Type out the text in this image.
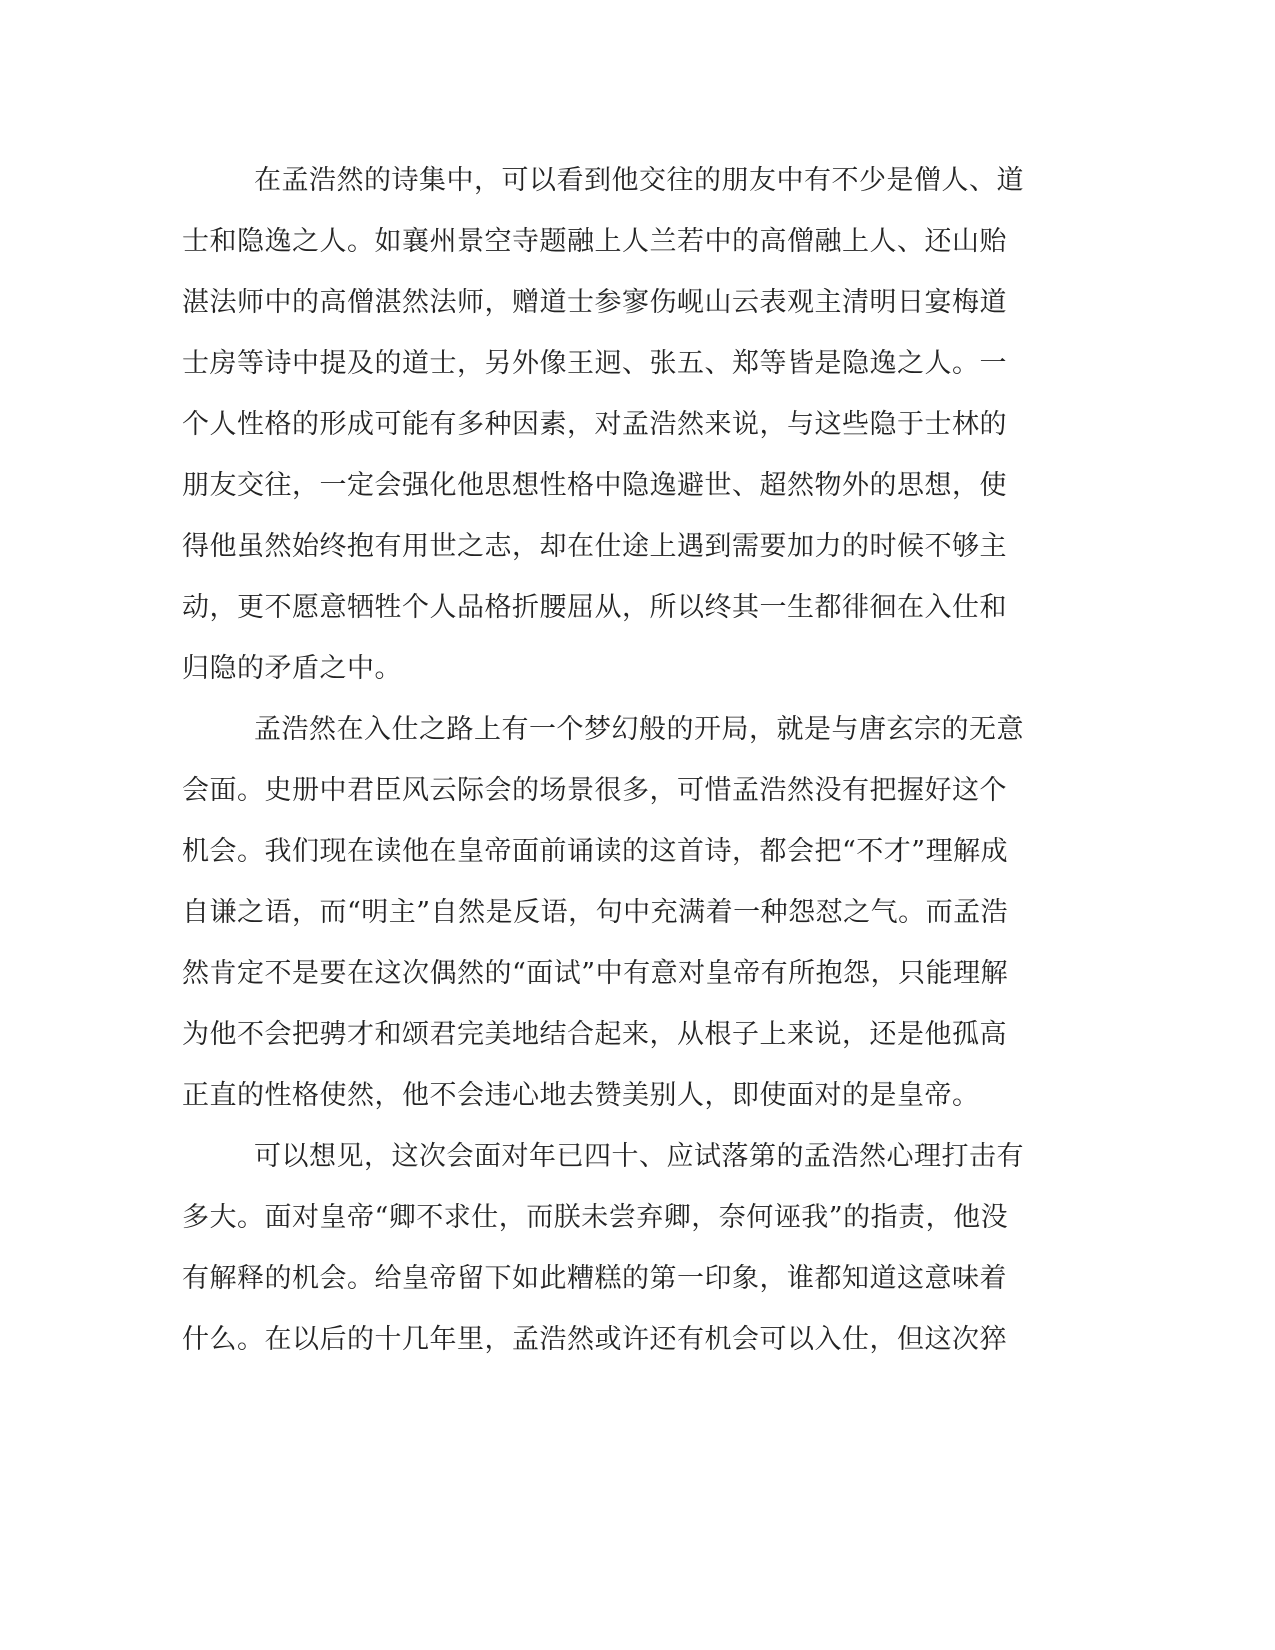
在孟浩然的诗集中，可以看到他交往的朋友中有不少是僧人、道
士和隐逸之人。如襄州景空寺题融上人兰若中的高僧融上人、还山贻
湛法师中的高僧湛然法师，赠道士参寥伤岘山云表观主清明日宴梅道
士房等诗中提及的道士，另外像王迥、张五、郑等皆是隐逸之人。一
个人性格的形成可能有多种因素，对孟浩然来说，与这些隐于士林的
朋友交往，一定会强化他思想性格中隐逸避世、超然物外的思想，使
得他虽然始终抱有用世之志，却在仕途上遇到需要加力的时候不够主
动，更不愿意牺牲个人品格折腰屈从，所以终其一生都徘徊在入仕和
归隐的矛盾之中。
孟浩然在入仕之路上有一个梦幻般的开局，就是与唐玄宗的无意
会面。史册中君臣风云际会的场景很多，可惜孟浩然没有把握好这个
机会。我们现在读他在皇帝面前诵读的这首诗，都会把“不才”理解成
自谦之语，而“明主”自然是反语，句中充满着一种怨怼之气。而孟浩
然肯定不是要在这次偶然的“面试”中有意对皇帝有所抱怨，只能理解
为他不会把骋才和颂君完美地结合起来，从根子上来说，还是他孤高
正直的性格使然，他不会违心地去赞美别人，即使面对的是皇帝。
可以想见，这次会面对年已四十、应试落第的孟浩然心理打击有
多大。面对皇帝“卿不求仕，而朕未尝弃卿，奈何诬我”的指责，他没
有解释的机会。给皇帝留下如此糟糕的第一印象，谁都知道这意味着
什么。在以后的十几年里，孟浩然或许还有机会可以入仕，但这次猝
